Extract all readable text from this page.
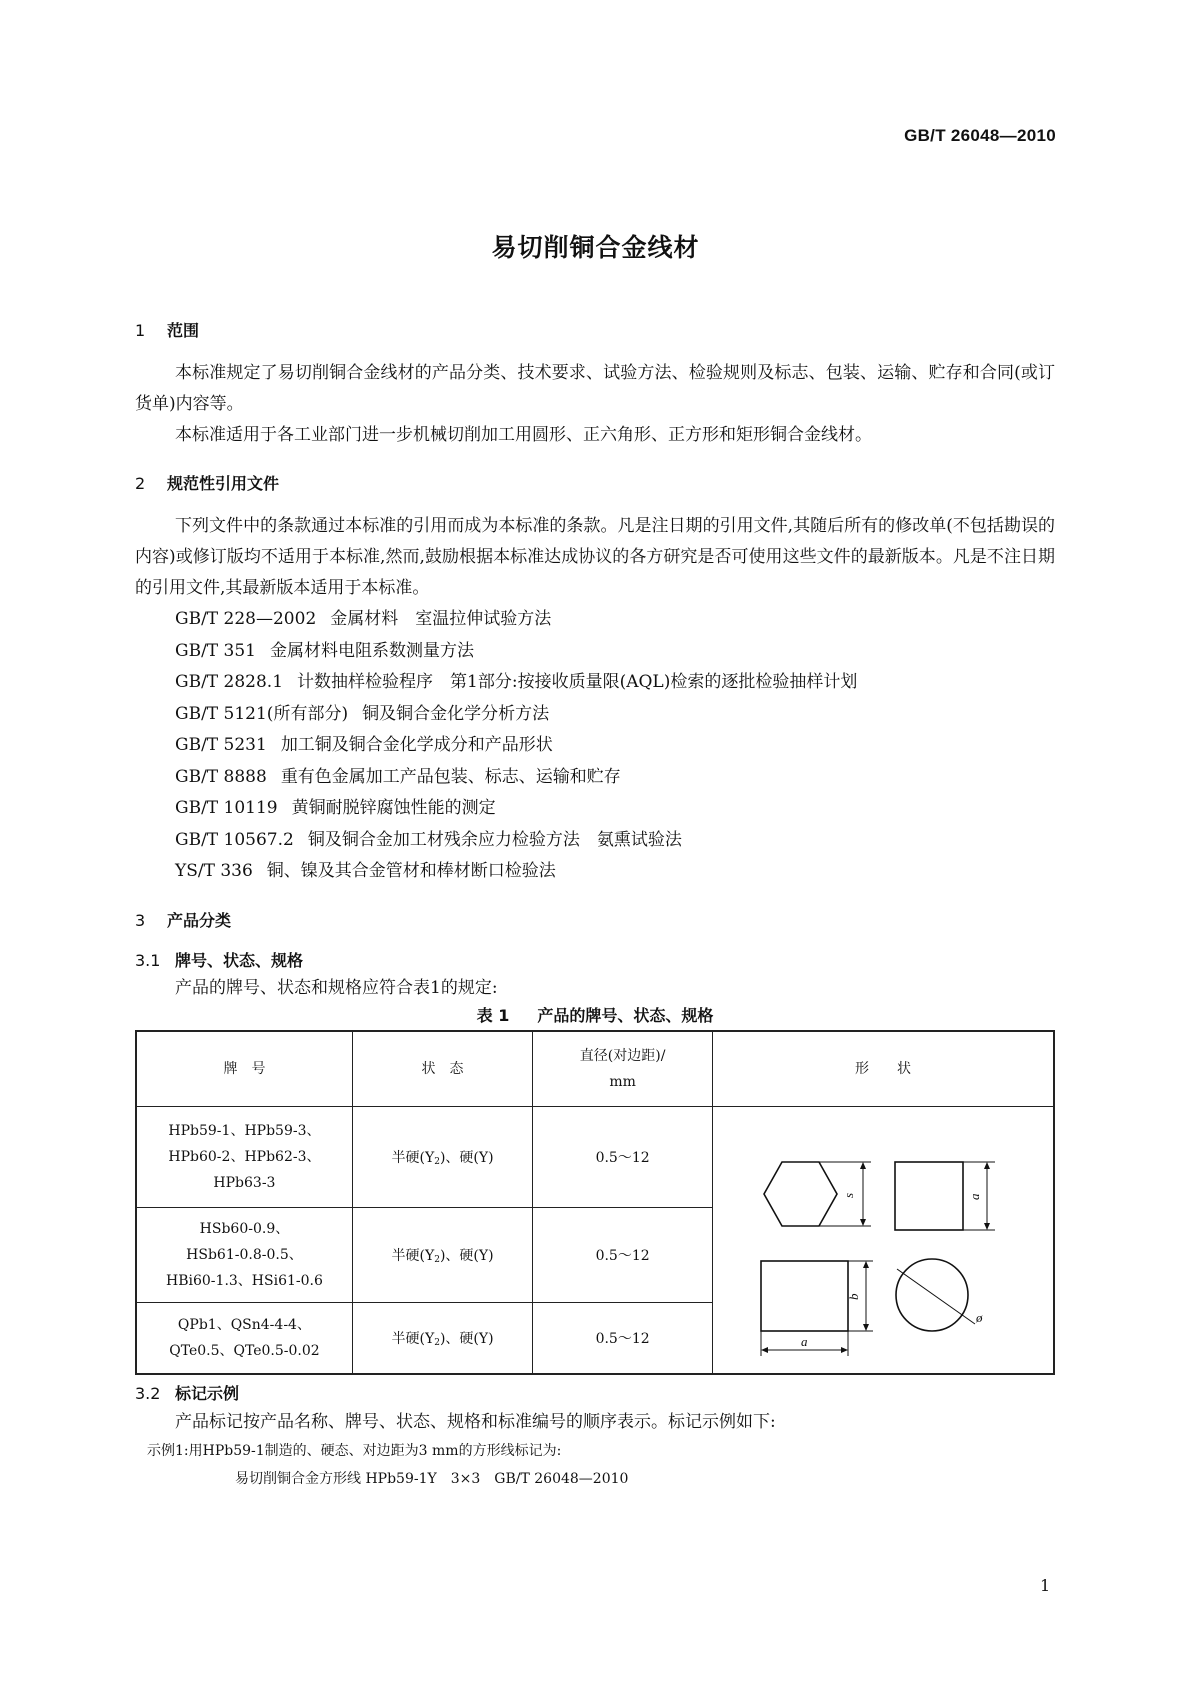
GB/T 26048—2010
易切削铜合金线材
1 范围

本标准规定了易切削铜合金线材的产品分类、技术要求、试验方法、检验规则及标志、包装、运输、贮存和合同(或订货单)内容等。

本标准适用于各工业部门进一步机械切削加工用圆形、正六角形、正方形和矩形铜合金线材。

2 规范性引用文件

下列文件中的条款通过本标准的引用而成为本标准的条款。凡是注日期的引用文件,其随后所有的修改单(不包括勘误的内容)或修订版均不适用于本标准,然而,鼓励根据本标准达成协议的各方研究是否可使用这些文件的最新版本。凡是不注日期的引用文件,其最新版本适用于本标准。

GB/T 228—2002 金属材料　室温拉伸试验方法

GB/T 351 金属材料电阻系数测量方法

GB/T 2828.1 计数抽样检验程序　第1部分:按接收质量限(AQL)检索的逐批检验抽样计划

GB/T 5121(所有部分) 铜及铜合金化学分析方法

GB/T 5231 加工铜及铜合金化学成分和产品形状

GB/T 8888 重有色金属加工产品包装、标志、运输和贮存

GB/T 10119 黄铜耐脱锌腐蚀性能的测定

GB/T 10567.2 铜及铜合金加工材残余应力检验方法　氨熏试验法

YS/T 336 铜、镍及其合金管材和棒材断口检验法

3 产品分类
3.1 牌号、状态、规格

产品的牌号、状态和规格应符合表1的规定:

表 1 产品的牌号、状态、规格
牌　号	状　态	直径(对边距)/
mm	形　　状
HPb59-1、HPb59-3、
HPb60-2、HPb62-3、
HPb63-3	半硬$(Y_2)$、硬(Y)	0.5～12	s a
b
a
ø

HSb60-0.9、
HSb61-0.8-0.5、
HBi60-1.3、HSi61-0.6	半硬$(Y_2)$、硬(Y)	0.5～12	
QPb1、QSn4-4-4、
QTe0.5、QTe0.5-0.02	半硬$(Y_2)$、硬(Y)	0.5～12	
3.2 标记示例

产品标记按产品名称、牌号、状态、规格和标准编号的顺序表示。标记示例如下:

示例1:用HPb59-1制造的、硬态、对边距为3 mm的方形线标记为:

易切削铜合金方形线 HPb59-1Y　3×3　GB/T 26048—2010

1
